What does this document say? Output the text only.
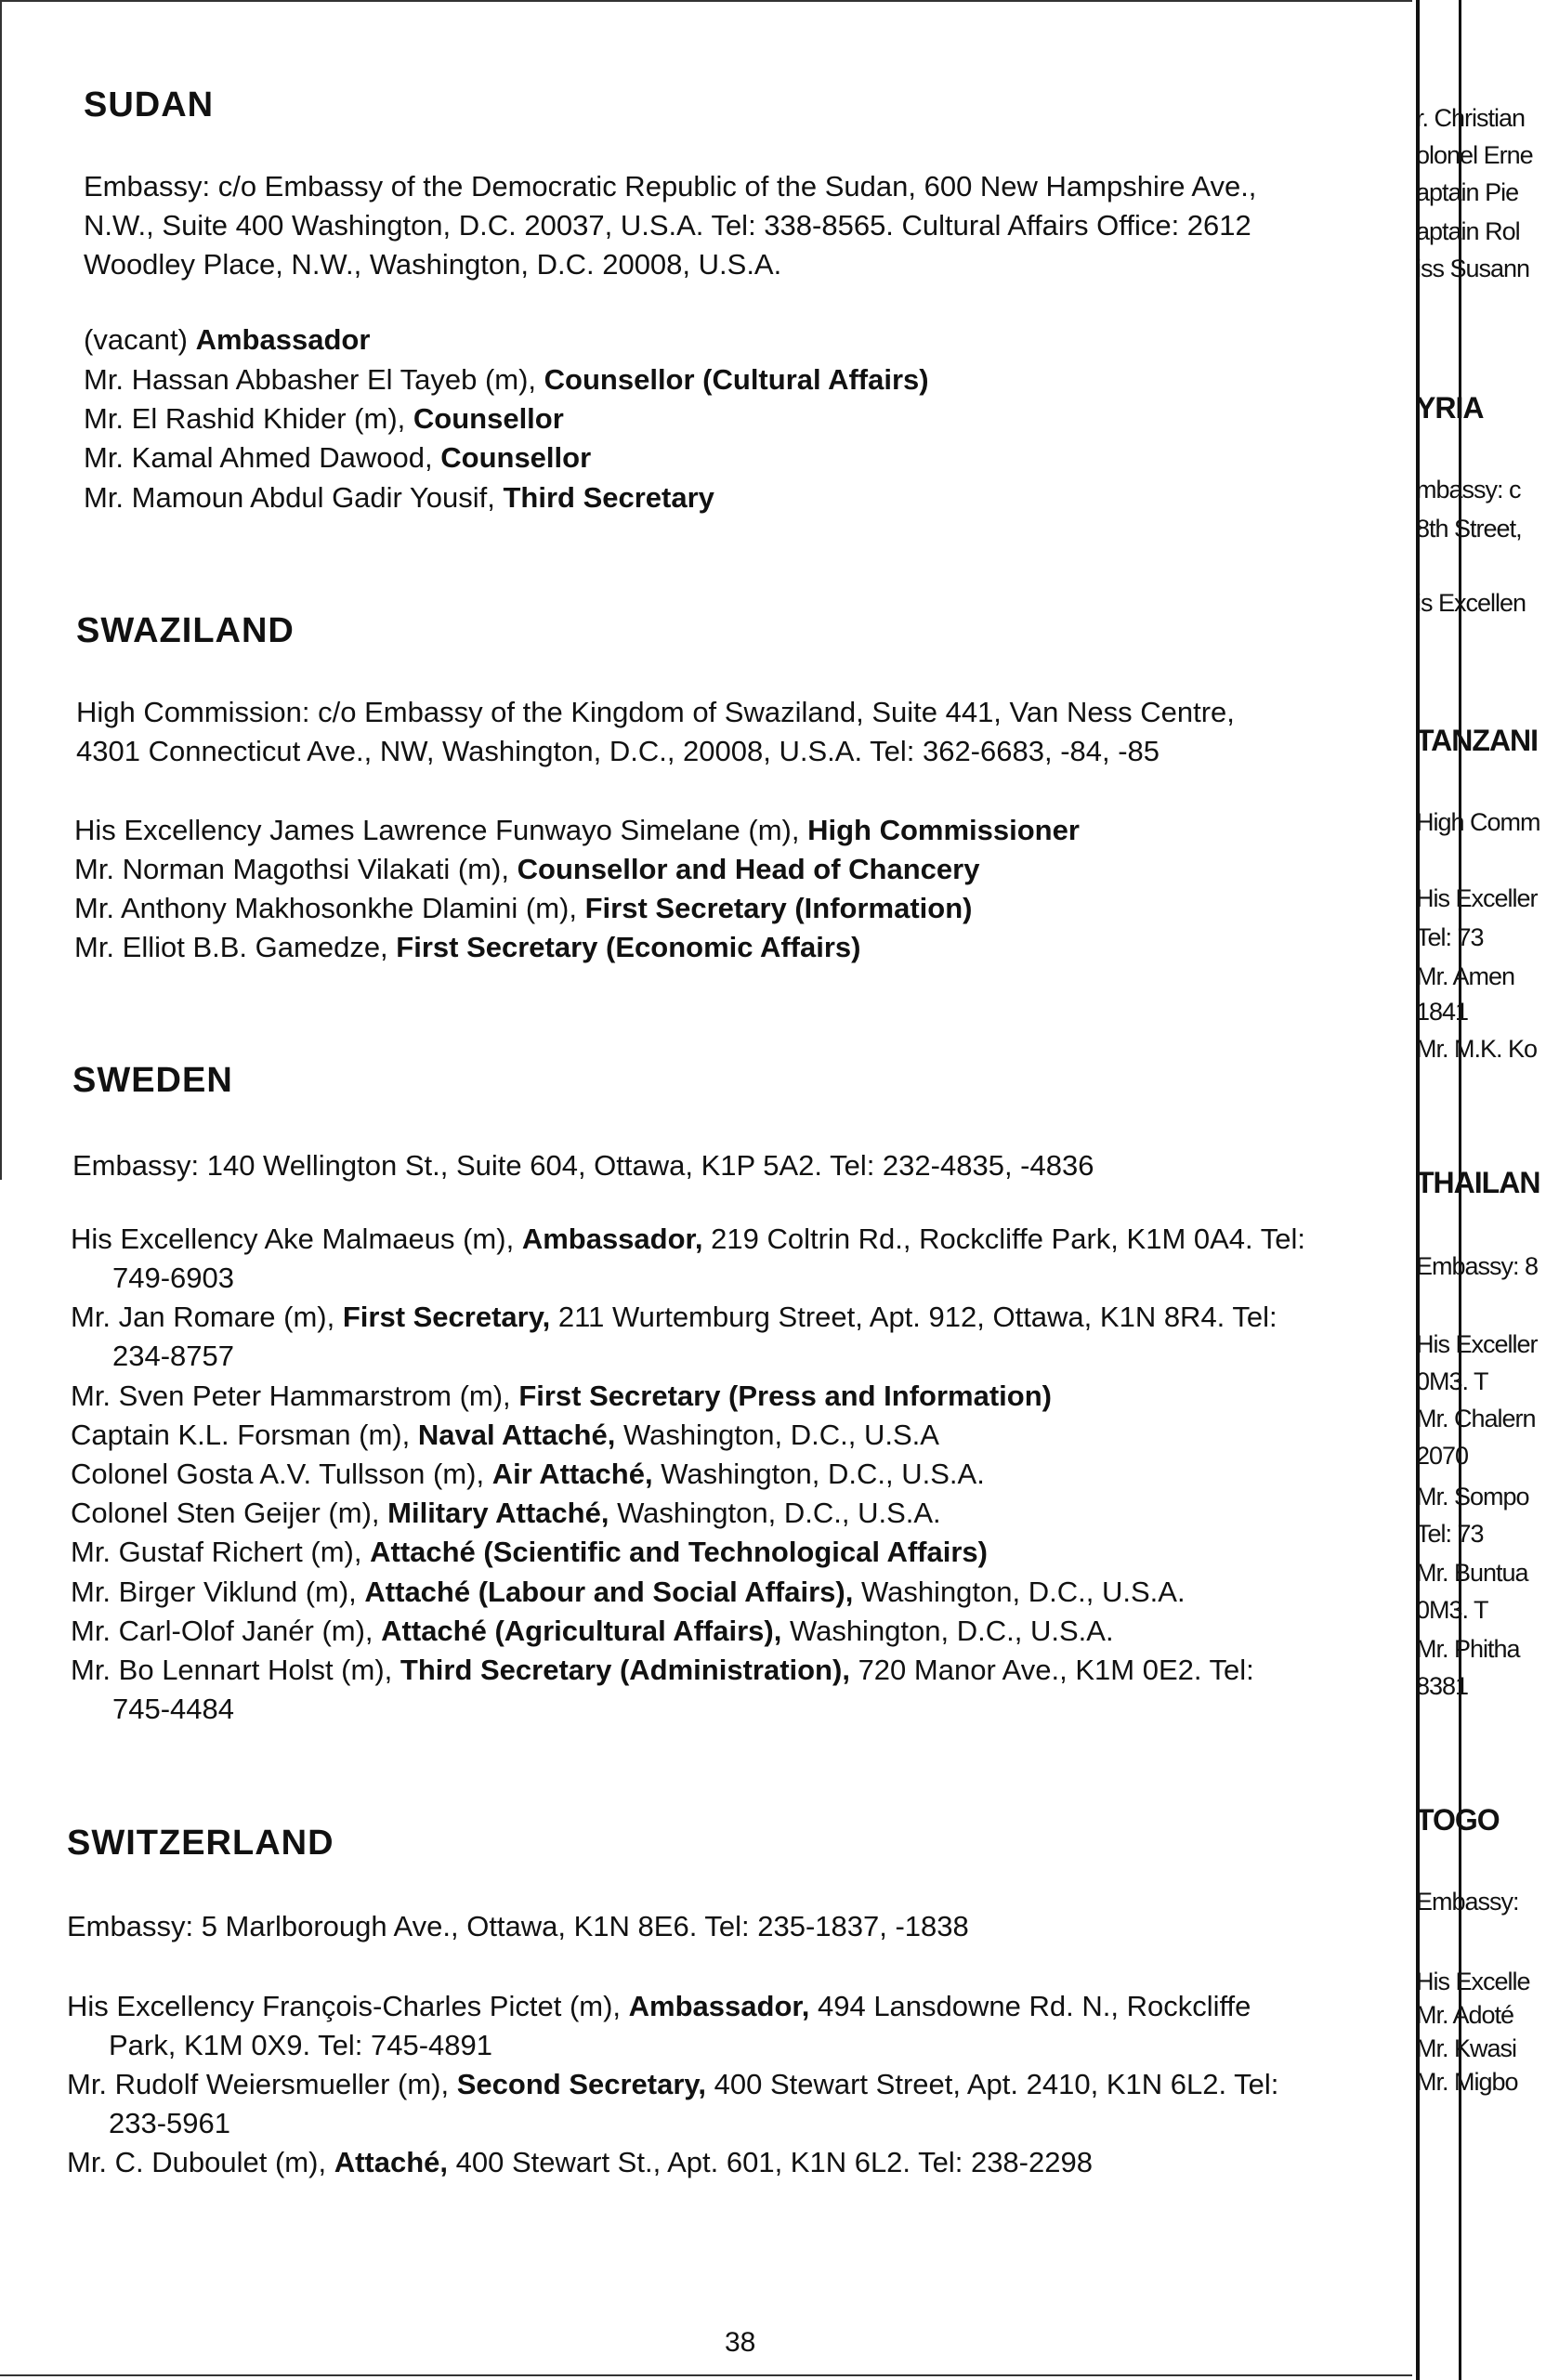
SUDAN
Embassy: c/o Embassy of the Democratic Republic of the Sudan, 600 New Hampshire Ave.,
N.W., Suite 400 Washington, D.C. 20037, U.S.A. Tel: 338-8565. Cultural Affairs Office: 2612
Woodley Place, N.W., Washington, D.C. 20008, U.S.A.
(vacant) Ambassador
Mr. Hassan Abbasher El Tayeb (m), Counsellor (Cultural Affairs)
Mr. El Rashid Khider (m), Counsellor
Mr. Kamal Ahmed Dawood, Counsellor
Mr. Mamoun Abdul Gadir Yousif, Third Secretary
SWAZILAND
High Commission: c/o Embassy of the Kingdom of Swaziland, Suite 441, Van Ness Centre,
4301 Connecticut Ave., NW, Washington, D.C., 20008, U.S.A. Tel: 362-6683, -84, -85
His Excellency James Lawrence Funwayo Simelane (m), High Commissioner
Mr. Norman Magothsi Vilakati (m), Counsellor and Head of Chancery
Mr. Anthony Makhosonkhe Dlamini (m), First Secretary (Information)
Mr. Elliot B.B. Gamedze, First Secretary (Economic Affairs)
SWEDEN
Embassy: 140 Wellington St., Suite 604, Ottawa, K1P 5A2. Tel: 232-4835, -4836
His Excellency Ake Malmaeus (m), Ambassador, 219 Coltrin Rd., Rockcliffe Park, K1M 0A4. Tel:
749-6903
Mr. Jan Romare (m), First Secretary, 211 Wurtemburg Street, Apt. 912, Ottawa, K1N 8R4. Tel:
234-8757
Mr. Sven Peter Hammarstrom (m), First Secretary (Press and Information)
Captain K.L. Forsman (m), Naval Attaché, Washington, D.C., U.S.A
Colonel Gosta A.V. Tullsson (m), Air Attaché, Washington, D.C., U.S.A.
Colonel Sten Geijer (m), Military Attaché, Washington, D.C., U.S.A.
Mr. Gustaf Richert (m), Attaché (Scientific and Technological Affairs)
Mr. Birger Viklund (m), Attaché (Labour and Social Affairs), Washington, D.C., U.S.A.
Mr. Carl-Olof Janér (m), Attaché (Agricultural Affairs), Washington, D.C., U.S.A.
Mr. Bo Lennart Holst (m), Third Secretary (Administration), 720 Manor Ave., K1M 0E2. Tel:
745-4484
SWITZERLAND
Embassy: 5 Marlborough Ave., Ottawa, K1N 8E6. Tel: 235-1837, -1838
His Excellency François-Charles Pictet (m), Ambassador, 494 Lansdowne Rd. N., Rockcliffe
Park, K1M 0X9. Tel: 745-4891
Mr. Rudolf Weiersmueller (m), Second Secretary, 400 Stewart Street, Apt. 2410, K1N 6L2. Tel:
233-5961
Mr. C. Duboulet (m), Attaché, 400 Stewart St., Apt. 601, K1N 6L2. Tel: 238-2298
38
r. Christian
olonel Erne
aptain Pie
aptain Rol
iss Susann
YRIA
mbassy: c
8th Street,
is Excellen
TANZANI
High Comm
His Exceller
Tel: 73
Mr. Amen
1841
Mr. M.K. Ko
THAILAN
Embassy: 8
His Exceller
0M3. T
Mr. Chalern
2070
Mr. Sompo
Tel: 73
Mr. Buntua
0M3. T
Mr. Phitha
8381
TOGO
Embassy:
His Excelle
Mr. Adoté
Mr. Kwasi
Mr. Migbo
